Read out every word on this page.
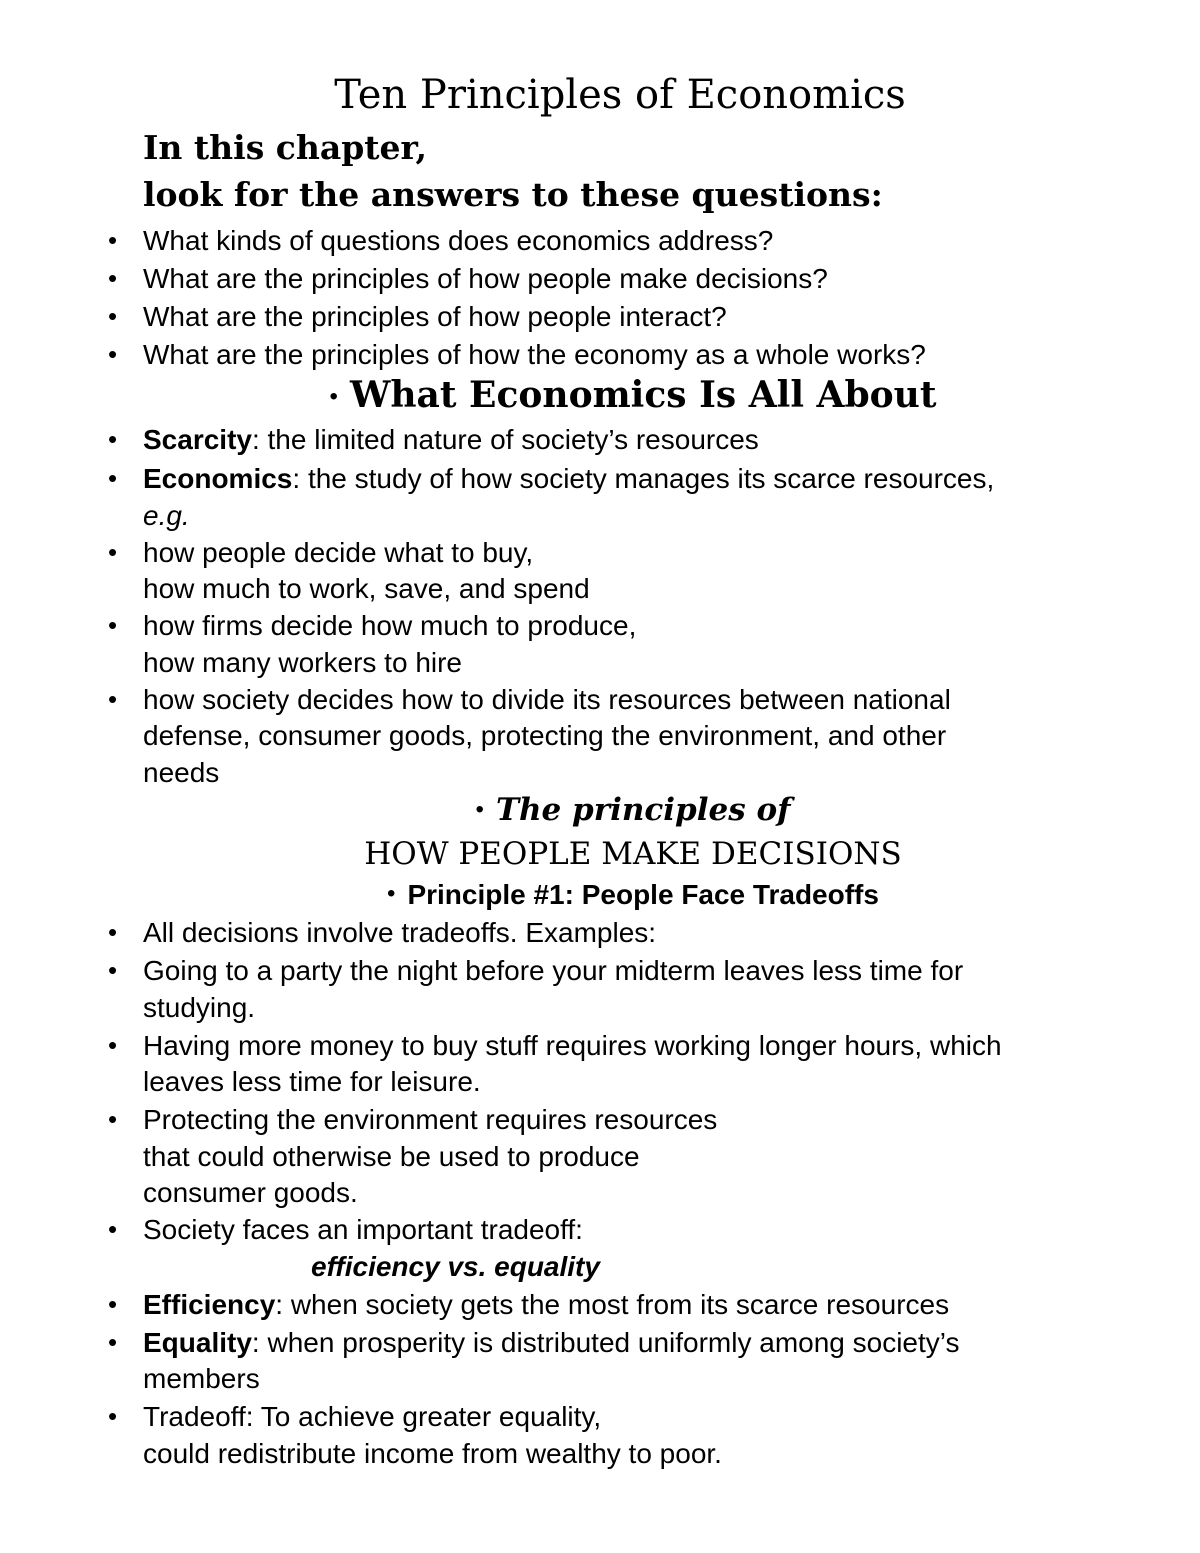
Ten Principles of Economics
In this chapter,
look for the answers to these questions:
• What kinds of questions does economics address?
• What are the principles of how people make decisions?
• What are the principles of how people interact?
• What are the principles of how the economy as a whole works?
• What Economics Is All About
• Scarcity: the limited nature of society’s resources
• Economics: the study of how society manages its scarce resources,
e.g.
• how people decide what to buy,
how much to work, save, and spend
• how firms decide how much to produce,
how many workers to hire
• how society decides how to divide its resources between national
defense, consumer goods, protecting the environment, and other
needs
• The principles of
HOW PEOPLE MAKE DECISIONS
• Principle #1: People Face Tradeoffs
• All decisions involve tradeoffs. Examples:
• Going to a party the night before your midterm leaves less time for
studying.
• Having more money to buy stuff requires working longer hours, which
leaves less time for leisure.
• Protecting the environment requires resources
that could otherwise be used to produce
consumer goods.
• Society faces an important tradeoff:
efficiency vs. equality
• Efficiency: when society gets the most from its scarce resources
• Equality: when prosperity is distributed uniformly among society’s
members
• Tradeoff: To achieve greater equality,
could redistribute income from wealthy to poor.
